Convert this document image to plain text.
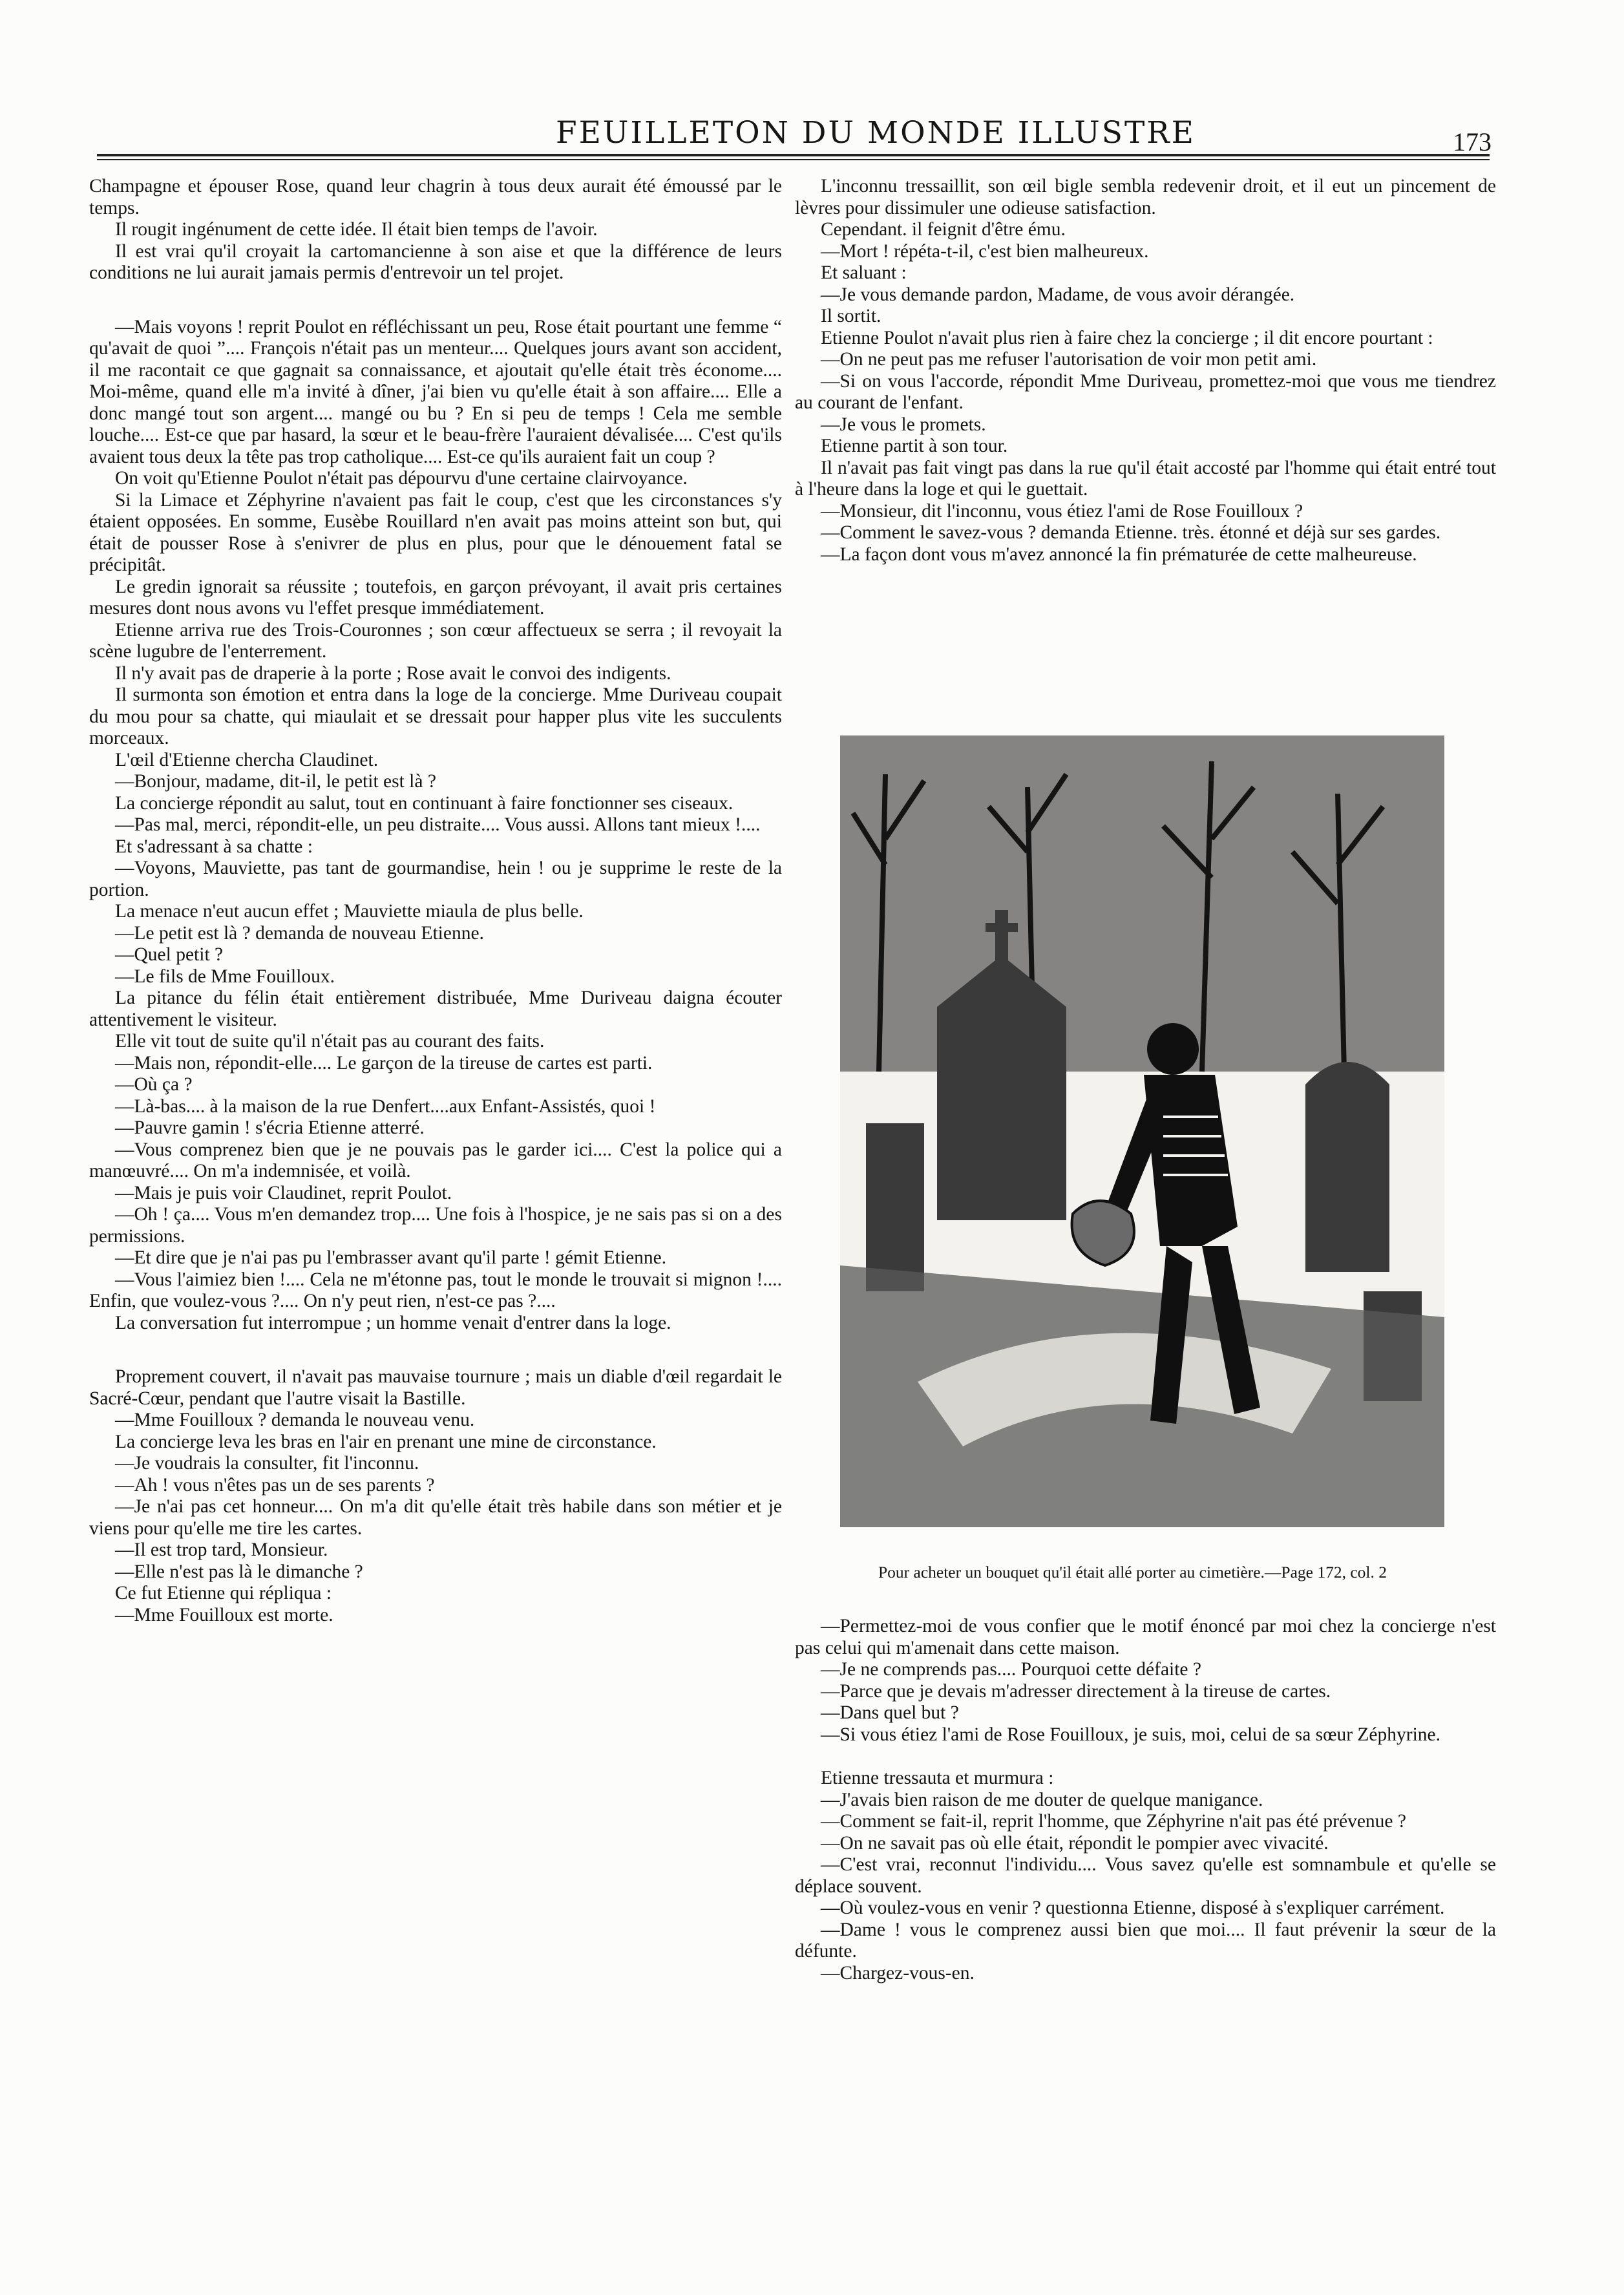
FEUILLETON DU MONDE ILLUSTRE	173

Champagne et épouser Rose, quand leur chagrin à tous deux aurait été émoussé par le temps.

Il rougit ingénument de cette idée. Il était bien temps de l'avoir.

Il est vrai qu'il croyait la cartomancienne à son aise et que la différence de leurs conditions ne lui aurait jamais permis d'entrevoir un tel projet.

—Mais voyons ! reprit Poulot en réfléchissant un peu, Rose était pourtant une femme “ qu'avait de quoi ”.... François n'était pas un menteur.... Quelques jours avant son accident, il me racontait ce que gagnait sa connaissance, et ajoutait qu'elle était très économe.... Moi-même, quand elle m'a invité à dîner, j'ai bien vu qu'elle était à son affaire.... Elle a donc mangé tout son argent.... mangé ou bu ? En si peu de temps ! Cela me semble louche.... Est-ce que par hasard, la sœur et le beau-frère l'auraient dévalisée.... C'est qu'ils avaient tous deux la tête pas trop catholique.... Est-ce qu'ils auraient fait un coup ?

On voit qu'Etienne Poulot n'était pas dépourvu d'une certaine clairvoyance.

Si la Limace et Zéphyrine n'avaient pas fait le coup, c'est que les circonstances s'y étaient opposées. En somme, Eusèbe Rouillard n'en avait pas moins atteint son but, qui était de pousser Rose à s'enivrer de plus en plus, pour que le dénouement fatal se précipitât.

Le gredin ignorait sa réussite ; toutefois, en garçon prévoyant, il avait pris certaines mesures dont nous avons vu l'effet presque immédiatement.

Etienne arriva rue des Trois-Couronnes ; son cœur affectueux se serra ; il revoyait la scène lugubre de l'enterrement.

Il n'y avait pas de draperie à la porte ; Rose avait le convoi des indigents.

Il surmonta son émotion et entra dans la loge de la concierge. Mme Duriveau coupait du mou pour sa chatte, qui miaulait et se dressait pour happer plus vite les succulents morceaux.

L'œil d'Etienne chercha Claudinet.

—Bonjour, madame, dit-il, le petit est là ?

La concierge répondit au salut, tout en continuant à faire fonctionner ses ciseaux.

—Pas mal, merci, répondit-elle, un peu distraite.... Vous aussi. Allons tant mieux !....

Et s'adressant à sa chatte :

—Voyons, Mauviette, pas tant de gourmandise, hein ! ou je supprime le reste de la portion.

La menace n'eut aucun effet ; Mauviette miaula de plus belle.

—Le petit est là ? demanda de nouveau Etienne.

—Quel petit ?

—Le fils de Mme Fouilloux.

La pitance du félin était entièrement distribuée, Mme Duriveau daigna écouter attentivement le visiteur.

Elle vit tout de suite qu'il n'était pas au courant des faits.

—Mais non, répondit-elle.... Le garçon de la tireuse de cartes est parti.

—Où ça ?

—Là-bas.... à la maison de la rue Denfert....aux Enfant-Assistés, quoi !

—Pauvre gamin ! s'écria Etienne atterré.

—Vous comprenez bien que je ne pouvais pas le garder ici.... C'est la police qui a manœuvré.... On m'a indemnisée, et voilà.

—Mais je puis voir Claudinet, reprit Poulot.

—Oh ! ça.... Vous m'en demandez trop.... Une fois à l'hospice, je ne sais pas si on a des permissions.

—Et dire que je n'ai pas pu l'embrasser avant qu'il parte ! gémit Etienne.

—Vous l'aimiez bien !.... Cela ne m'étonne pas, tout le monde le trouvait si mignon !.... Enfin, que voulez-vous ?.... On n'y peut rien, n'est-ce pas ?....

La conversation fut interrompue ; un homme venait d'entrer dans la loge.

Proprement couvert, il n'avait pas mauvaise tournure ; mais un diable d'œil regardait le Sacré-Cœur, pendant que l'autre visait la Bastille.

—Mme Fouilloux ? demanda le nouveau venu.

La concierge leva les bras en l'air en prenant une mine de circonstance.

—Je voudrais la consulter, fit l'inconnu.

—Ah ! vous n'êtes pas un de ses parents ?

—Je n'ai pas cet honneur.... On m'a dit qu'elle était très habile dans son métier et je viens pour qu'elle me tire les cartes.

—Il est trop tard, Monsieur.

—Elle n'est pas là le dimanche ?

Ce fut Etienne qui répliqua :

—Mme Fouilloux est morte.

L'inconnu tressaillit, son œil bigle sembla redevenir droit, et il eut un pincement de lèvres pour dissimuler une odieuse satisfaction.

Cependant. il feignit d'être ému.

—Mort ! répéta-t-il, c'est bien malheureux.

Et saluant :

—Je vous demande pardon, Madame, de vous avoir dérangée.

Il sortit.

Etienne Poulot n'avait plus rien à faire chez la concierge ; il dit encore pourtant :

—On ne peut pas me refuser l'autorisation de voir mon petit ami.

—Si on vous l'accorde, répondit Mme Duriveau, promettez-moi que vous me tiendrez au courant de l'enfant.

—Je vous le promets.

Etienne partit à son tour.

Il n'avait pas fait vingt pas dans la rue qu'il était accosté par l'homme qui était entré tout à l'heure dans la loge et qui le guettait.

—Monsieur, dit l'inconnu, vous étiez l'ami de Rose Fouilloux ?

—Comment le savez-vous ? demanda Etienne. très. étonné et déjà sur ses gardes.

—La façon dont vous m'avez annoncé la fin prématurée de cette malheureuse.

Pour acheter un bouquet qu'il était allé porter au cimetière.—Page 172, col. 2

—Permettez-moi de vous confier que le motif énoncé par moi chez la concierge n'est pas celui qui m'amenait dans cette maison.

—Je ne comprends pas.... Pourquoi cette défaite ?

—Parce que je devais m'adresser directement à la tireuse de cartes.

—Dans quel but ?

—Si vous étiez l'ami de Rose Fouilloux, je suis, moi, celui de sa sœur Zéphyrine.

Etienne tressauta et murmura :

—J'avais bien raison de me douter de quelque manigance.

—Comment se fait-il, reprit l'homme, que Zéphyrine n'ait pas été prévenue ?

—On ne savait pas où elle était, répondit le pompier avec vivacité.

—C'est vrai, reconnut l'individu.... Vous savez qu'elle est somnambule et qu'elle se déplace souvent.

—Où voulez-vous en venir ? questionna Etienne, disposé à s'expliquer carrément.

—Dame ! vous le comprenez aussi bien que moi.... Il faut prévenir la sœur de la défunte.

—Chargez-vous-en.
